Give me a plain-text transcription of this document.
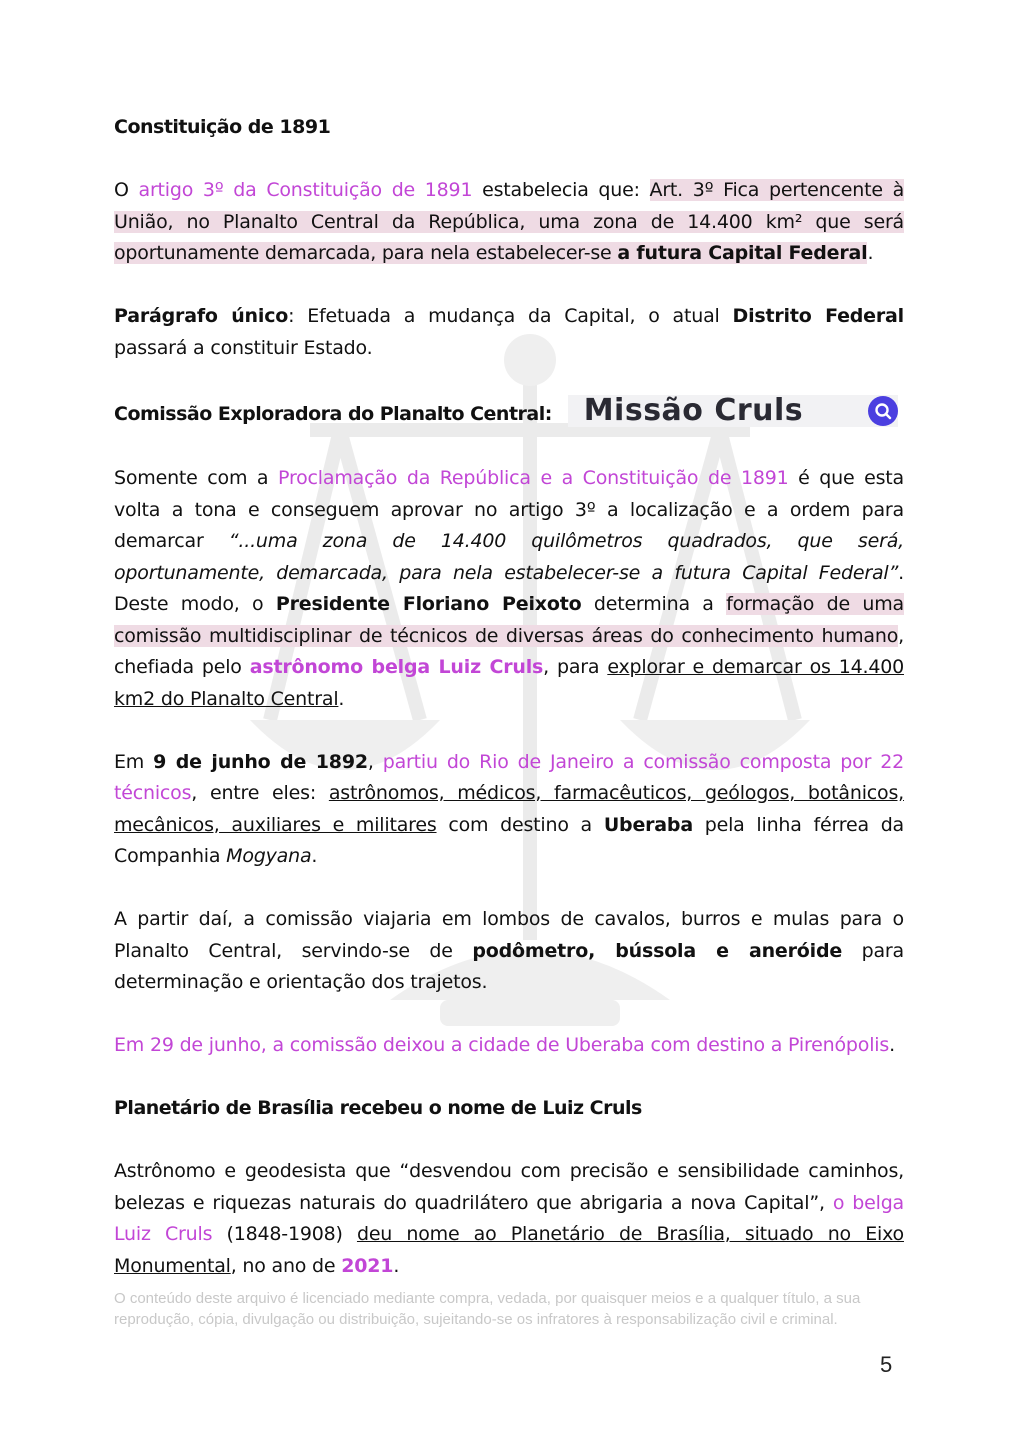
Constituição de 1891

O artigo 3º da Constituição de 1891 estabelecia que: Art. 3º Fica pertencente à União, no Planalto Central da República, uma zona de 14.400 km² que será oportunamente demarcada, para nela estabelecer-se a futura Capital Federal.

Parágrafo único: Efetuada a mudança da Capital, o atual Distrito Federal passará a constituir Estado.

Comissão Exploradora do Planalto Central: Missão Cruls

Somente com a Proclamação da República e a Constituição de 1891 é que esta volta a tona e conseguem aprovar no artigo 3º a localização e a ordem para demarcar “...uma zona de 14.400 quilômetros quadrados, que será, oportunamente, demarcada, para nela estabelecer-se a futura Capital Federal”. Deste modo, o Presidente Floriano Peixoto determina a formação de uma comissão multidisciplinar de técnicos de diversas áreas do conhecimento humano, chefiada pelo astrônomo belga Luiz Cruls, para explorar e demarcar os 14.400 km2 do Planalto Central.

Em 9 de junho de 1892, partiu do Rio de Janeiro a comissão composta por 22 técnicos, entre eles: astrônomos, médicos, farmacêuticos, geólogos, botânicos, mecânicos, auxiliares e militares com destino a Uberaba pela linha férrea da Companhia Mogyana.

A partir daí, a comissão viajaria em lombos de cavalos, burros e mulas para o Planalto Central, servindo-se de podômetro, bússola e aneróide para determinação e orientação dos trajetos.

Em 29 de junho, a comissão deixou a cidade de Uberaba com destino a Pirenópolis.

Planetário de Brasília recebeu o nome de Luiz Cruls

Astrônomo e geodesista que “desvendou com precisão e sensibilidade caminhos, belezas e riquezas naturais do quadrilátero que abrigaria a nova Capital”, o belga Luiz Cruls (1848-1908) deu nome ao Planetário de Brasília, situado no Eixo Monumental, no ano de 2021.

O conteúdo deste arquivo é licenciado mediante compra, vedada, por quaisquer meios e a qualquer título, a sua reprodução, cópia, divulgação ou distribuição, sujeitando-se os infratores à responsabilização civil e criminal.
5
